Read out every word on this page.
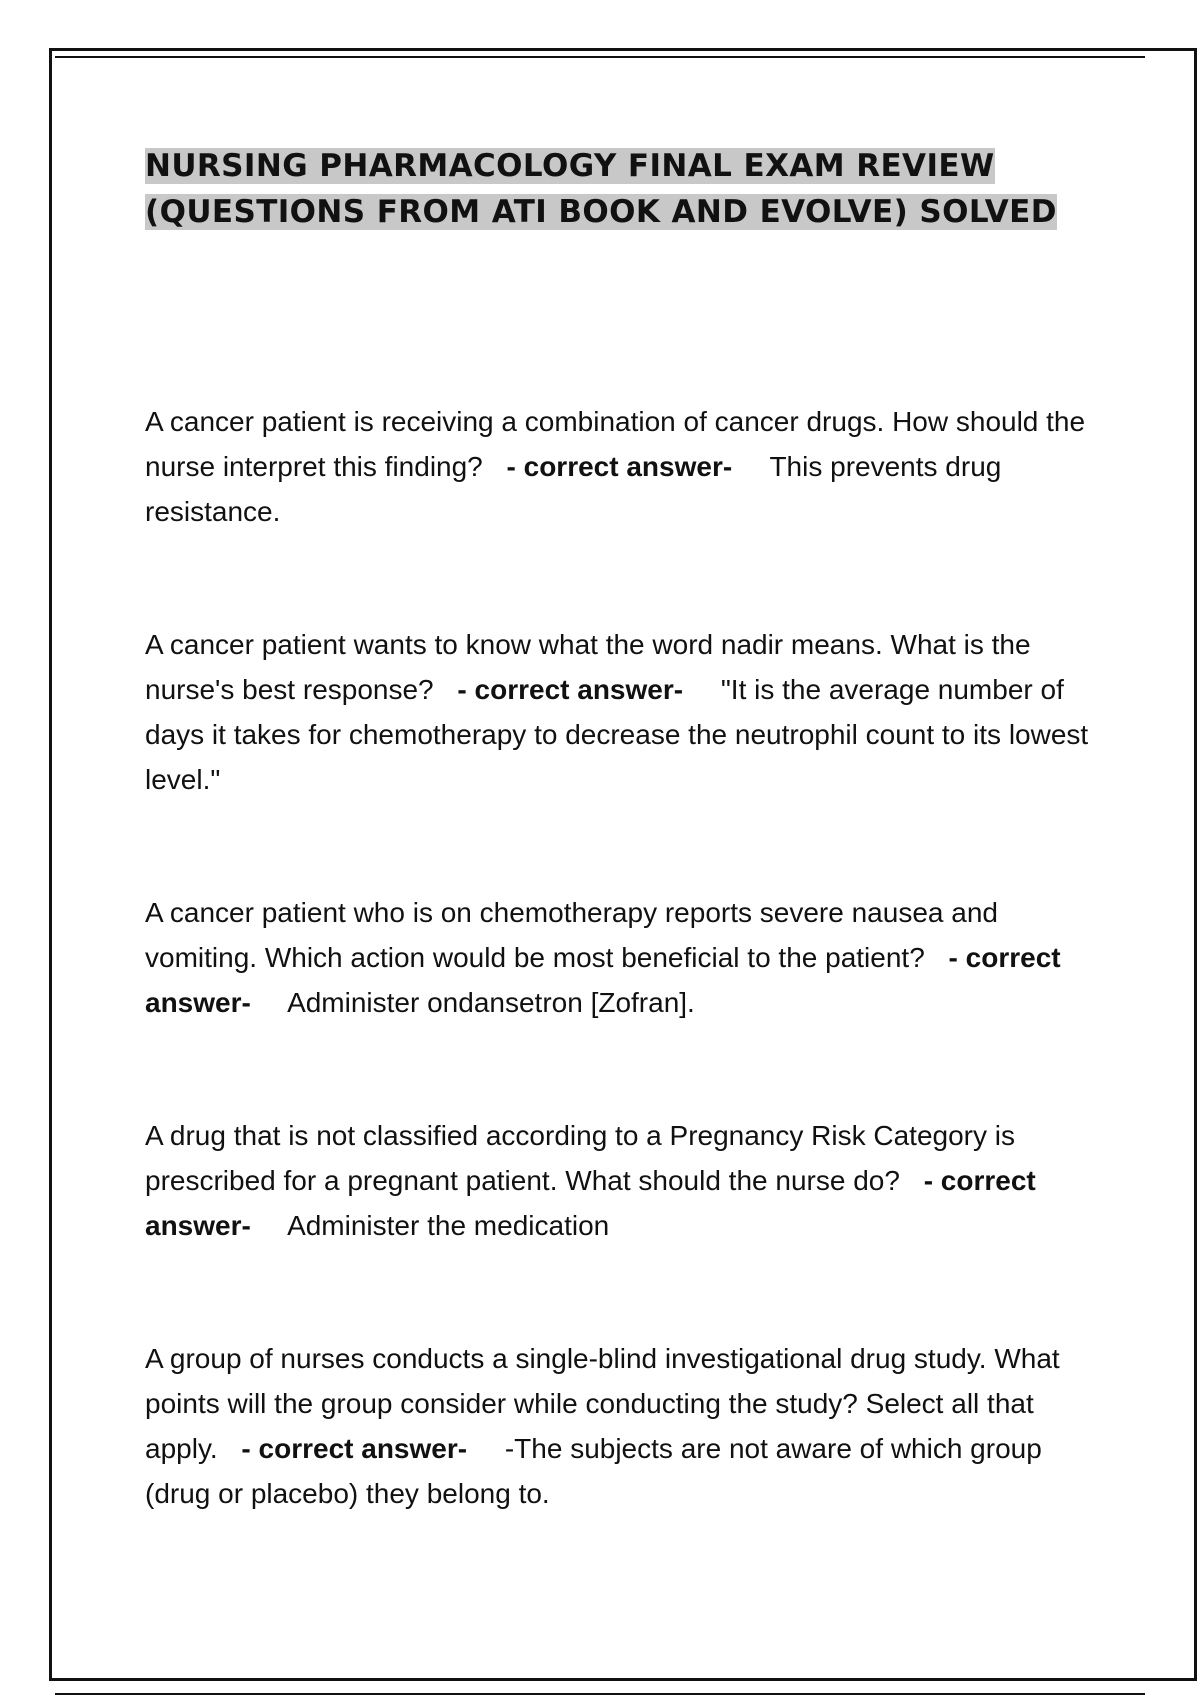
NURSING PHARMACOLOGY FINAL EXAM REVIEW
(QUESTIONS FROM ATI BOOK AND EVOLVE) SOLVED

A cancer patient is receiving a combination of cancer drugs. How should the nurse interpret this finding? - correct answer- This prevents drug resistance.

A cancer patient wants to know what the word nadir means. What is the nurse's best response? - correct answer- "It is the average number of days it takes for chemotherapy to decrease the neutrophil count to its lowest level."

A cancer patient who is on chemotherapy reports severe nausea and vomiting. Which action would be most beneficial to the patient? - correct answer- Administer ondansetron [Zofran].

A drug that is not classified according to a Pregnancy Risk Category is prescribed for a pregnant patient. What should the nurse do? - correct answer- Administer the medication

A group of nurses conducts a single-blind investigational drug study. What points will the group consider while conducting the study? Select all that apply. - correct answer- -The subjects are not aware of which group (drug or placebo) they belong to.
